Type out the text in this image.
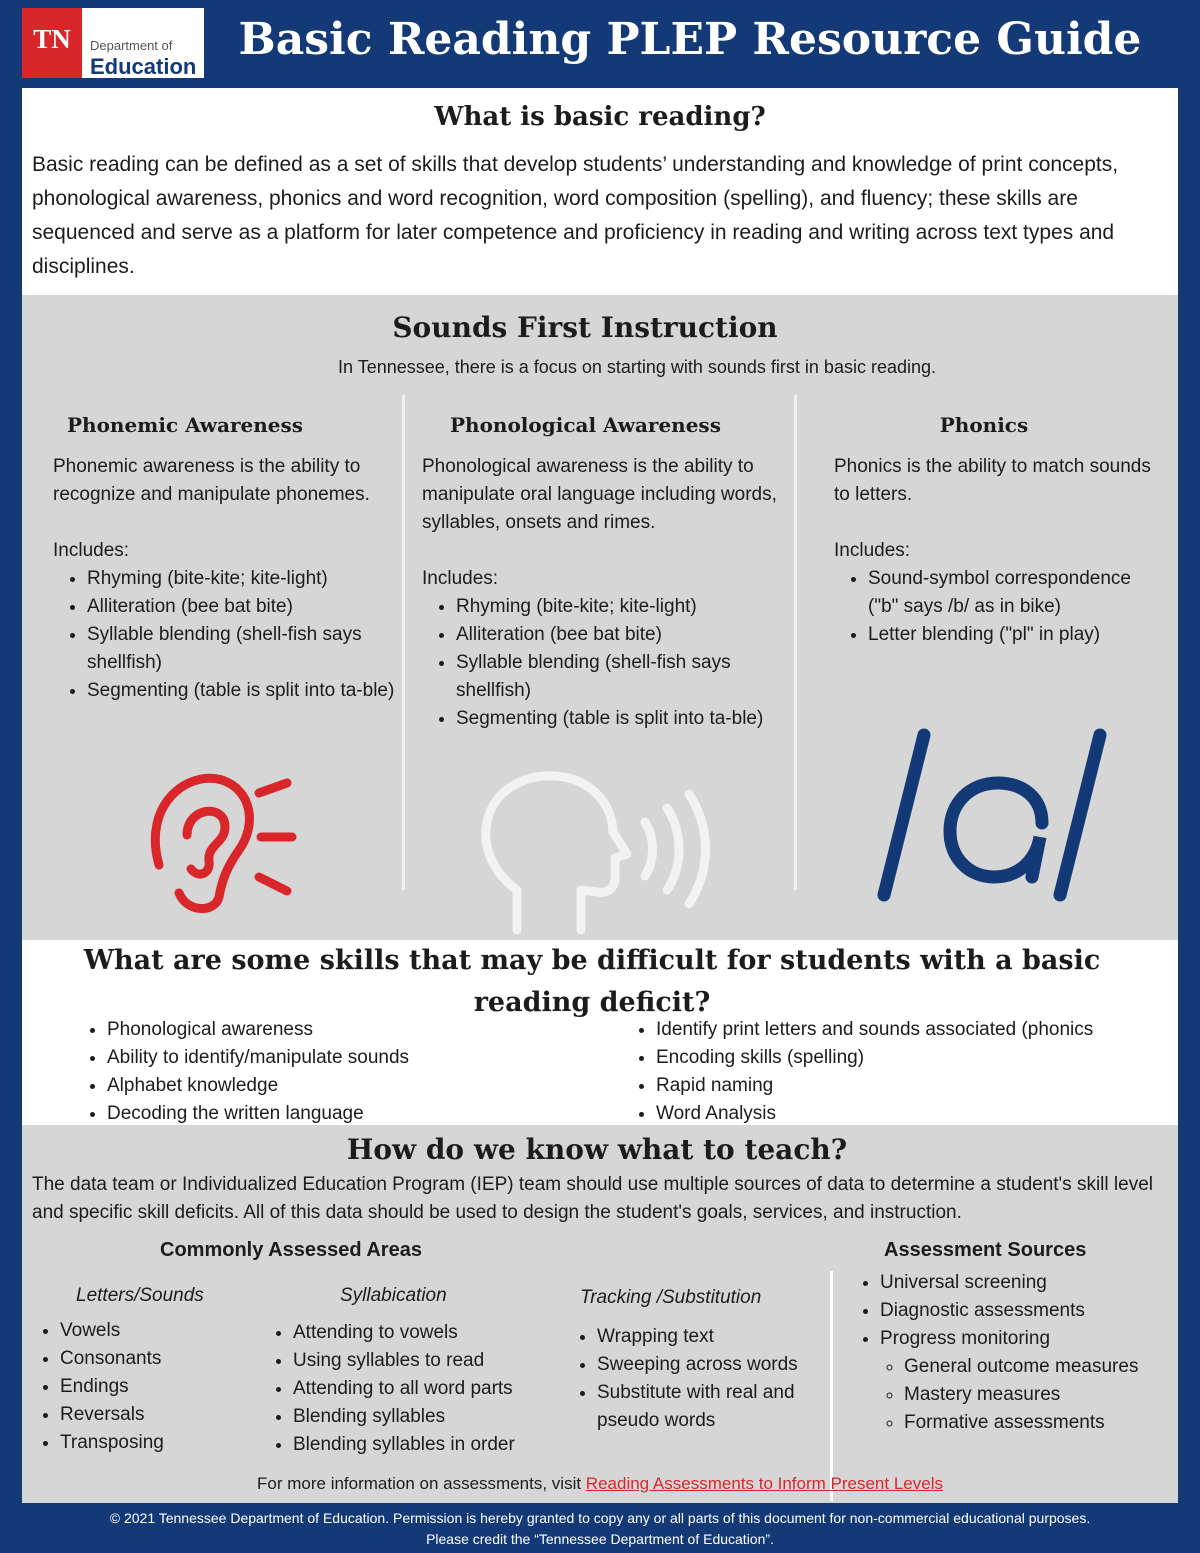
TN	Department of
Education
Basic Reading PLEP Resource Guide
What is basic reading?

Basic reading can be defined as a set of skills that develop students’ understanding and knowledge of print concepts, phonological awareness, phonics and word recognition, word composition (spelling), and fluency; these skills are sequenced and serve as a platform for later competence and proficiency in reading and writing across text types and disciplines.

Sounds First Instruction
In Tennessee, there is a focus on starting with sounds first in basic reading.
Phonemic Awareness

Phonemic awareness is the ability to recognize and manipulate phonemes.

Includes:

• Rhyming (bite-kite; kite-light)
• Alliteration (bee bat bite)
• Syllable blending (shell-fish says shellfish)
• Segmenting (table is split into ta-ble)
Phonological Awareness

Phonological awareness is the ability to manipulate oral language including words, syllables, onsets and rimes.

Includes:

• Rhyming (bite-kite; kite-light)
• Alliteration (bee bat bite)
• Syllable blending (shell-fish says shellfish)
• Segmenting (table is split into ta-ble)
Phonics

Phonics is the ability to match sounds to letters.

Includes:

• Sound-symbol correspondence ("b" says /b/ as in bike)
• Letter blending ("pl" in play)
What are some skills that may be difficult for students with a basic reading deficit?
• Phonological awareness
• Ability to identify/manipulate sounds
• Alphabet knowledge
• Decoding the written language
• Identify print letters and sounds associated (phonics
• Encoding skills (spelling)
• Rapid naming
• Word Analysis
How do we know what to teach?

The data team or Individualized Education Program (IEP) team should use multiple sources of data to determine a student's skill level and specific skill deficits. All of this data should be used to design the student's goals, services, and instruction.

Commonly Assessed Areas	Assessment Sources
Letters/Sounds
• Vowels
• Consonants
• Endings
• Reversals
• Transposing
Syllabication
• Attending to vowels
• Using syllables to read
• Attending to all word parts
• Blending syllables
• Blending syllables in order
Tracking /Substitution
• Wrapping text
• Sweeping across words
• Substitute with real and pseudo words
• Universal screening
• Diagnostic assessments
• Progress monitoring
◦ General outcome measures
◦ Mastery measures
◦ Formative assessments
For more information on assessments, visit Reading Assessments to Inform Present Levels
© 2021 Tennessee Department of Education. Permission is hereby granted to copy any or all parts of this document for non-commercial educational purposes.
Please credit the “Tennessee Department of Education”.
